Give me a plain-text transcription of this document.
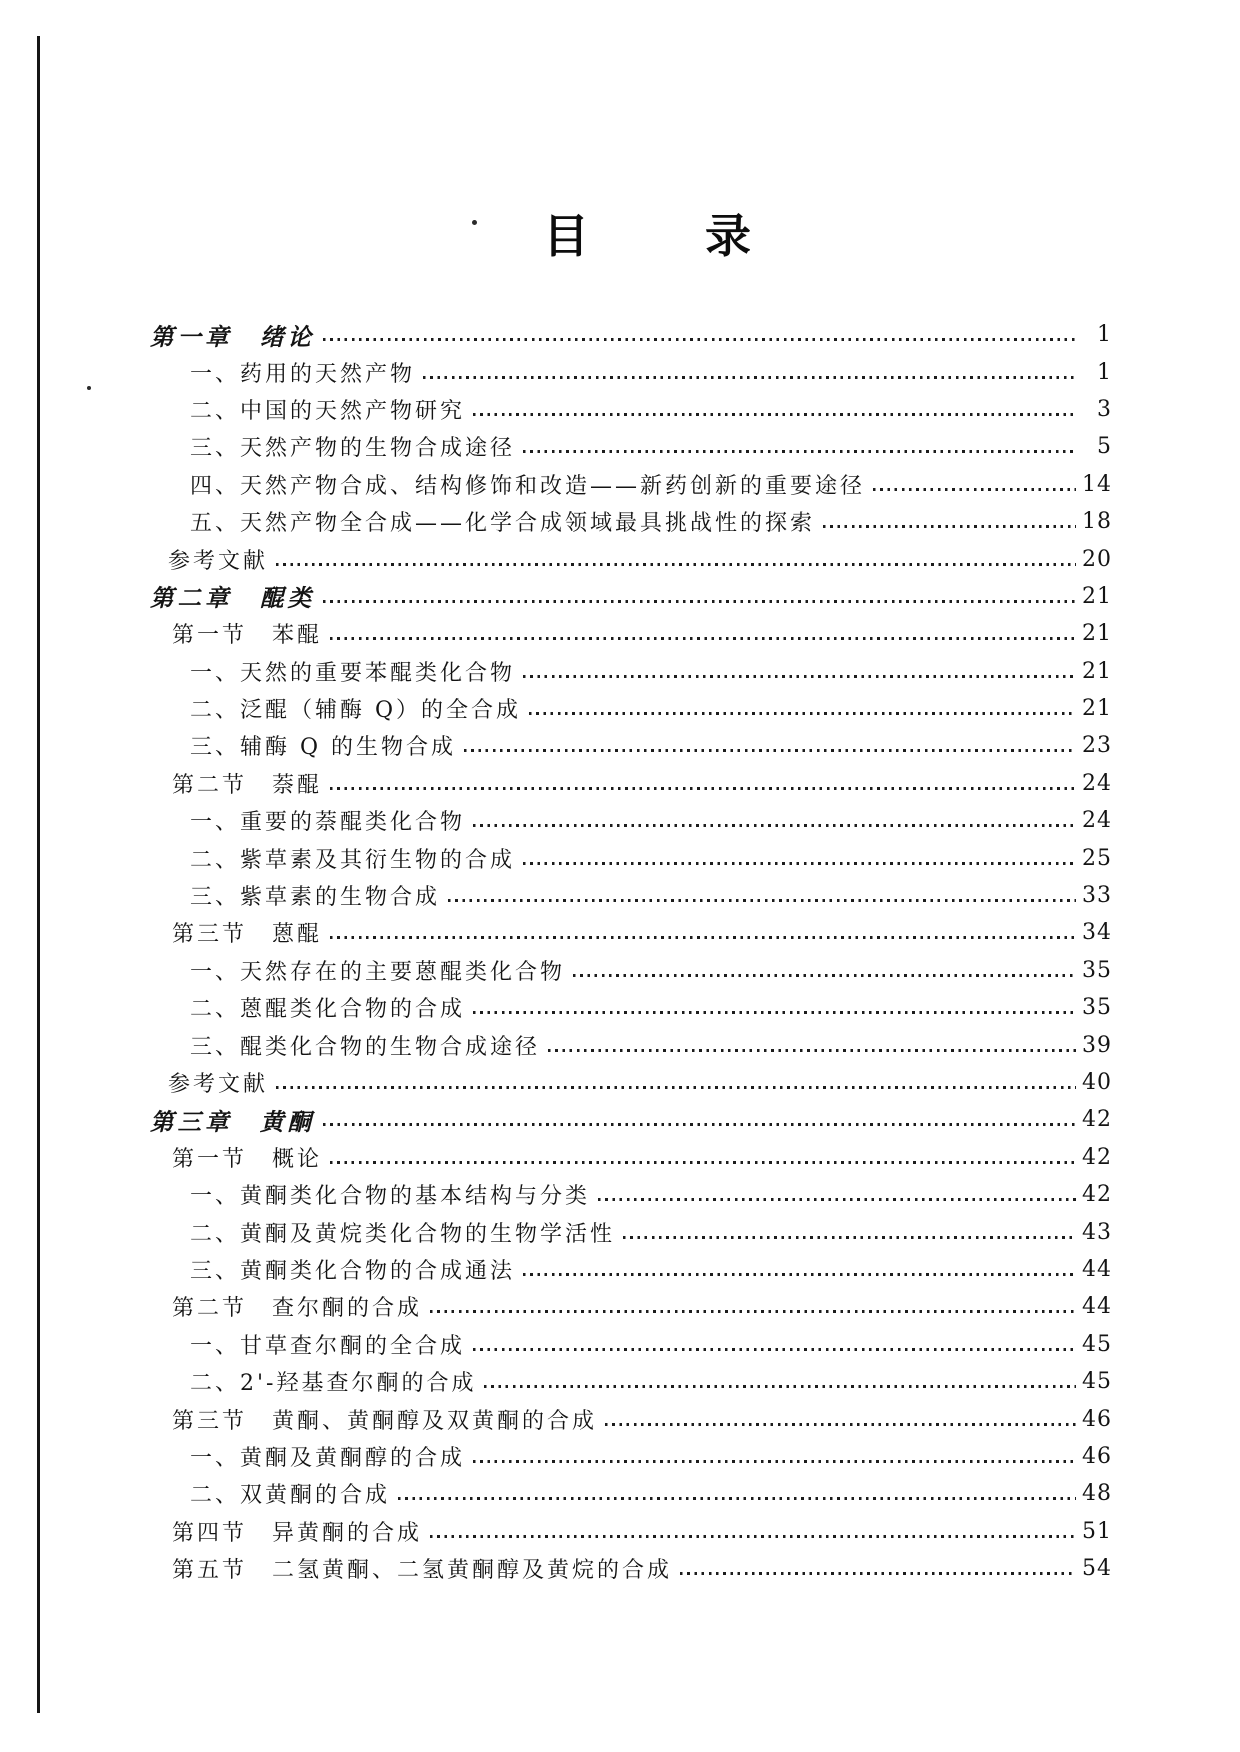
目	录
第一章　绪论	1
一、药用的天然产物	1
二、中国的天然产物研究	3
三、天然产物的生物合成途径	5
四、天然产物合成、结构修饰和改造——新药创新的重要途径	14
五、天然产物全合成——化学合成领域最具挑战性的探索	18
参考文献	20
第二章　醌类	21
第一节　苯醌	21
一、天然的重要苯醌类化合物	21
二、泛醌（辅酶 Q）的全合成	21
三、辅酶 Q 的生物合成	23
第二节　萘醌	24
一、重要的萘醌类化合物	24
二、紫草素及其衍生物的合成	25
三、紫草素的生物合成	33
第三节　蒽醌	34
一、天然存在的主要蒽醌类化合物	35
二、蒽醌类化合物的合成	35
三、醌类化合物的生物合成途径	39
参考文献	40
第三章　黄酮	42
第一节　概论	42
一、黄酮类化合物的基本结构与分类	42
二、黄酮及黄烷类化合物的生物学活性	43
三、黄酮类化合物的合成通法	44
第二节　查尔酮的合成	44
一、甘草查尔酮的全合成	45
二、2'-羟基查尔酮的合成	45
第三节　黄酮、黄酮醇及双黄酮的合成	46
一、黄酮及黄酮醇的合成	46
二、双黄酮的合成	48
第四节　异黄酮的合成	51
第五节　二氢黄酮、二氢黄酮醇及黄烷的合成	54
